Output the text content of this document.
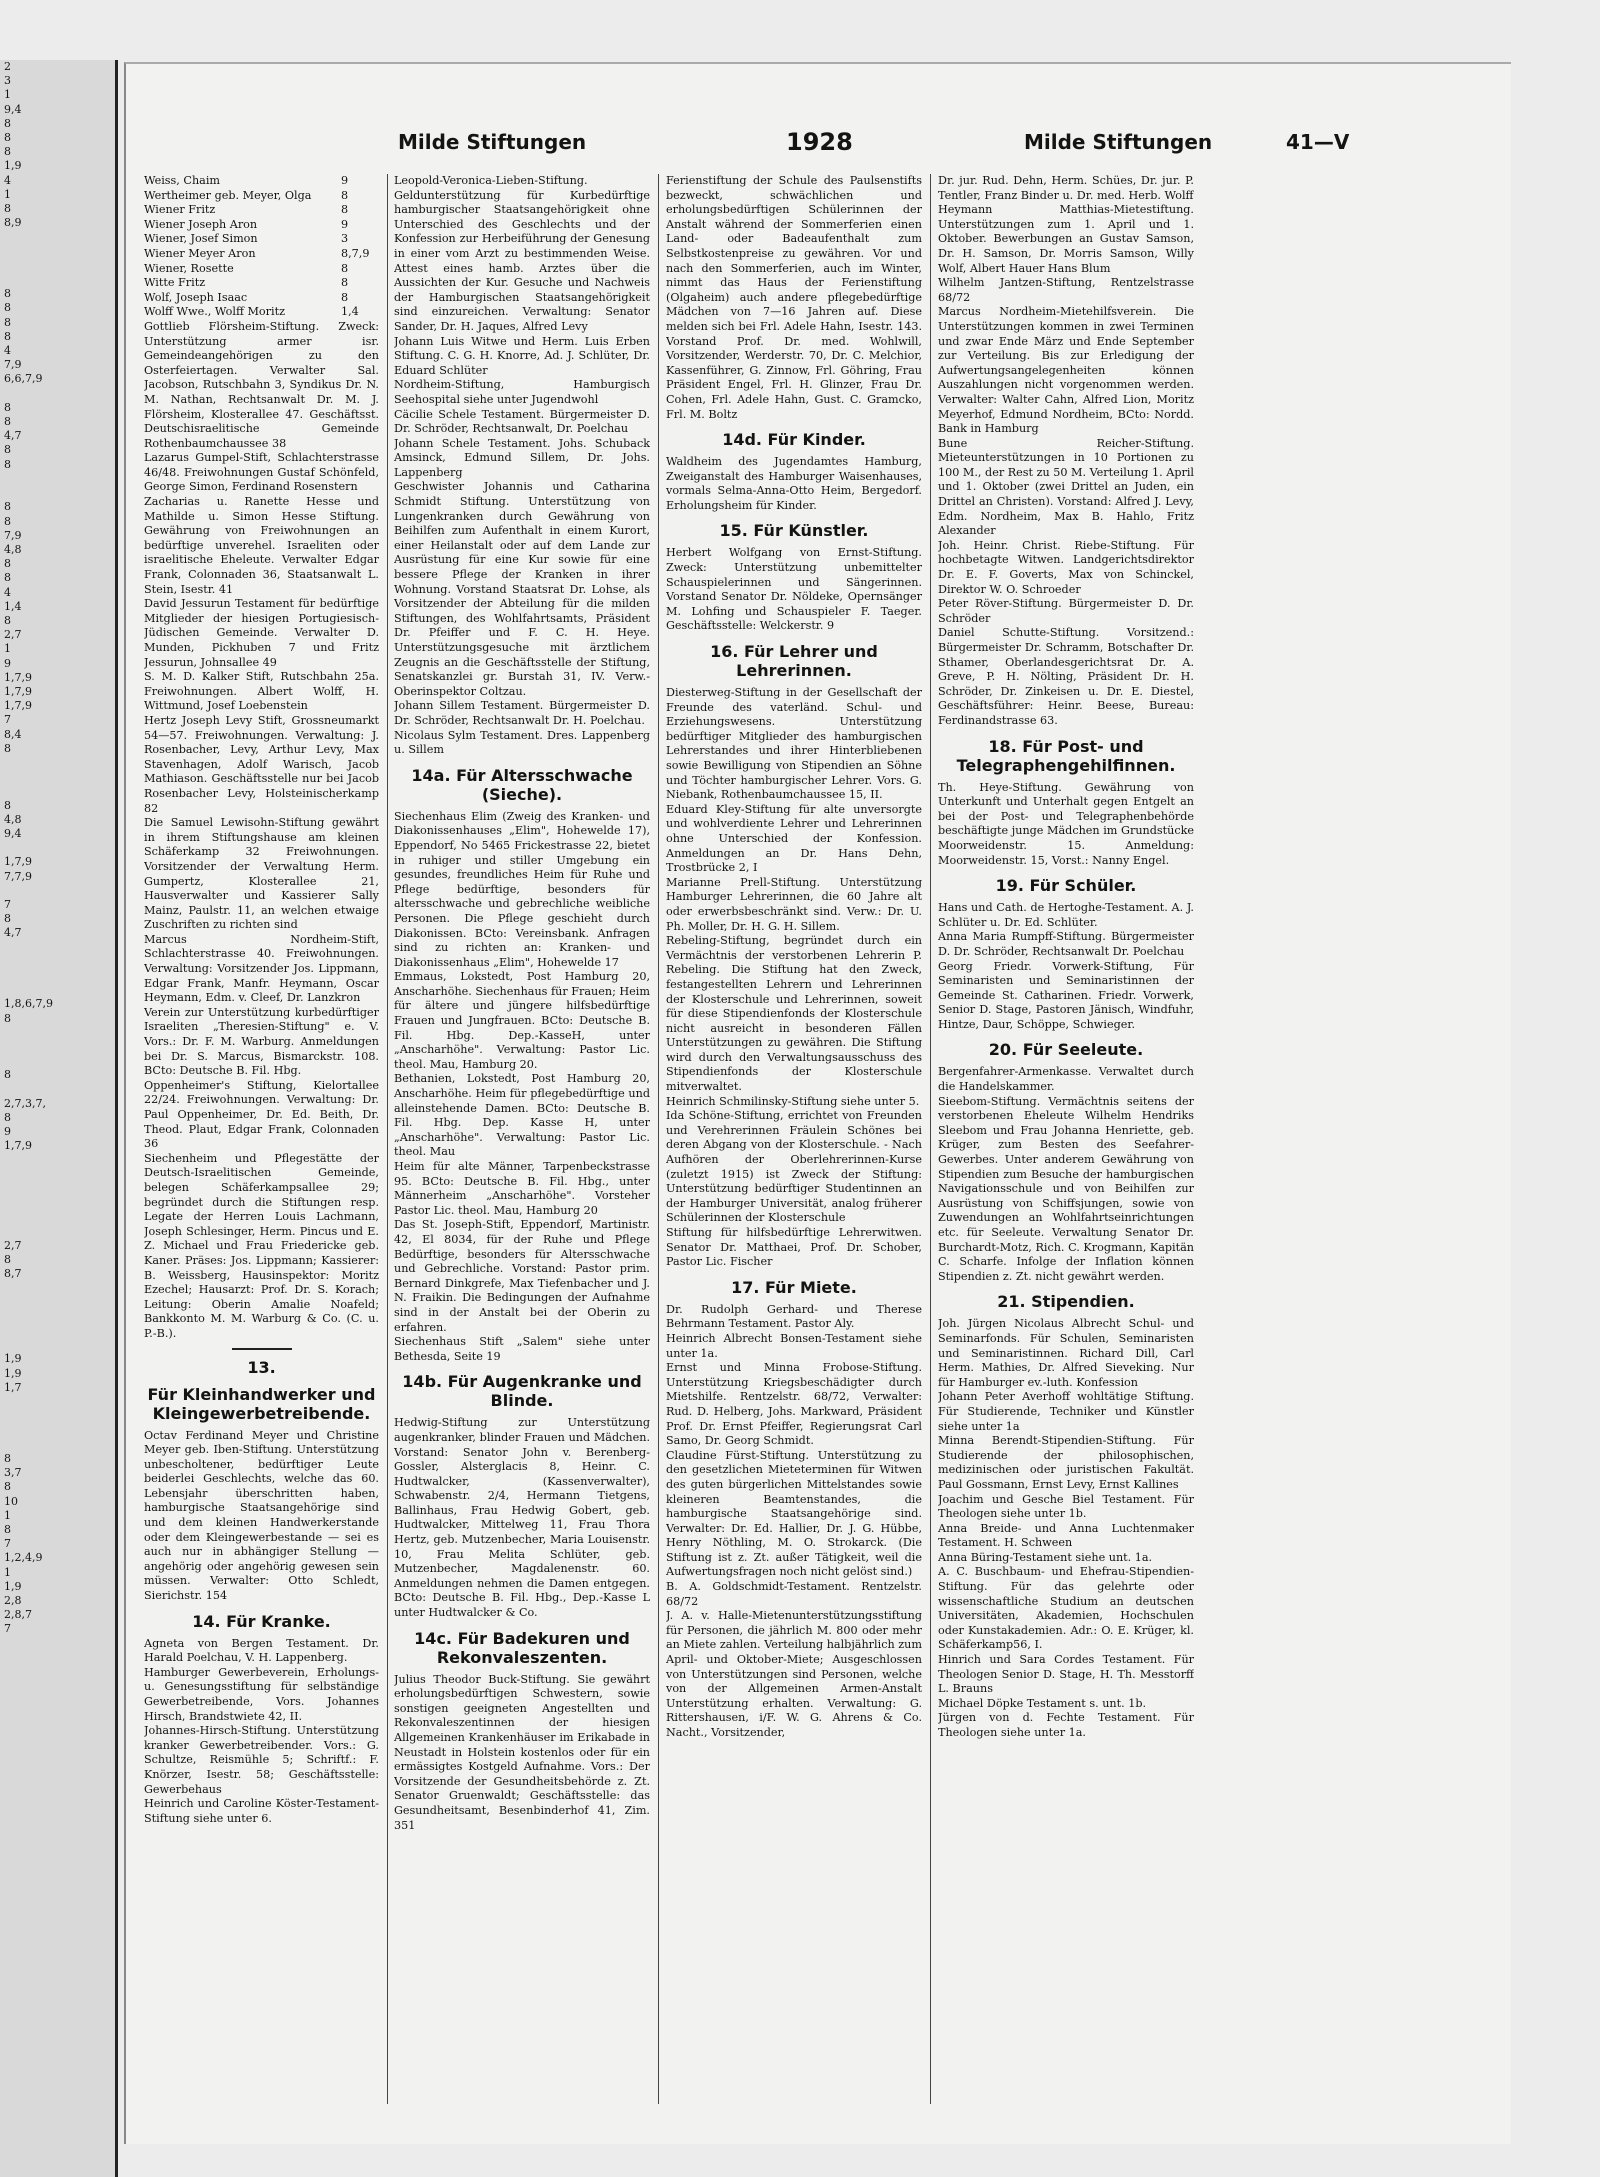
2
3
1
9,4
8
8
8
1,9
4
1
8
8,9

8
8
8
8
4
7,9
6,6,7,9

8
8
4,7
8
8

8
8
7,9
4,8
8
8
4
1,4
8
2,7
1
9
1,7,9
1,7,9
1,7,9
7
8,4
8

8
4,8
9,4

1,7,9
7,7,9

7
8
4,7

1,8,6,7,9
8

8

2,7,3,7,
8
9
1,7,9

2,7
8
8,7

1,9
1,9
1,7

8
3,7
8
10
1
8
7
1,2,4,9
1
1,9
2,8
2,8,7
7
Milde Stiftungen	1928	Milde Stiftungen	41—V
Weiss, Chaim	9
Wertheimer geb. Meyer, Olga	8
Wiener Fritz	8
Wiener Joseph Aron	9
Wiener, Josef Simon	3
Wiener Meyer Aron	8,7,9
Wiener, Rosette	8
Witte Fritz	8
Wolf, Joseph Isaac	8
Wolff Wwe., Wolff Moritz	1,4

Gottlieb Flörsheim-Stiftung. Zweck: Unterstützung armer isr. Gemeindeangehörigen zu den Osterfeiertagen. Verwalter Sal. Jacobson, Rutschbahn 3, Syndikus Dr. N. M. Nathan, Rechtsanwalt Dr. M. J. Flörsheim, Klosterallee 47. Geschäftsst. Deutschisraelitische Gemeinde Rothenbaumchaussee 38

Lazarus Gumpel-Stift, Schlachterstrasse 46/48. Freiwohnungen Gustaf Schönfeld, George Simon, Ferdinand Rosenstern

Zacharias u. Ranette Hesse und Mathilde u. Simon Hesse Stiftung. Gewährung von Freiwohnungen an bedürftige unverehel. Israeliten oder israelitische Eheleute. Verwalter Edgar Frank, Colonnaden 36, Staatsanwalt L. Stein, Isestr. 41

David Jessurun Testament für bedürftige Mitglieder der hiesigen Portugiesisch-Jüdischen Gemeinde. Verwalter D. Munden, Pickhuben 7 und Fritz Jessurun, Johnsallee 49

S. M. D. Kalker Stift, Rutschbahn 25a. Freiwohnungen. Albert Wolff, H. Wittmund, Josef Loebenstein

Hertz Joseph Levy Stift, Grossneumarkt 54—57. Freiwohnungen. Verwaltung: J. Rosenbacher, Levy, Arthur Levy, Max Stavenhagen, Adolf Warisch, Jacob Mathiason. Geschäftsstelle nur bei Jacob Rosenbacher Levy, Holsteinischerkamp 82

Die Samuel Lewisohn-Stiftung gewährt in ihrem Stiftungshause am kleinen Schäferkamp 32 Freiwohnungen. Vorsitzender der Verwaltung Herm. Gumpertz, Klosterallee 21, Hausverwalter und Kassierer Sally Mainz, Paulstr. 11, an welchen etwaige Zuschriften zu richten sind

Marcus Nordheim-Stift, Schlachterstrasse 40. Freiwohnungen. Verwaltung: Vorsitzender Jos. Lippmann, Edgar Frank, Manfr. Heymann, Oscar Heymann, Edm. v. Cleef, Dr. Lanzkron

Verein zur Unterstützung kurbedürftiger Israeliten „Theresien-Stiftung" e. V. Vors.: Dr. F. M. Warburg. Anmeldungen bei Dr. S. Marcus, Bismarckstr. 108. BCto: Deutsche B. Fil. Hbg.

Oppenheimer's Stiftung, Kielortallee 22/24. Freiwohnungen. Verwaltung: Dr. Paul Oppenheimer, Dr. Ed. Beith, Dr. Theod. Plaut, Edgar Frank, Colonnaden 36

Siechenheim und Pflegestätte der Deutsch-Israelitischen Gemeinde, belegen Schäferkampsallee 29; begründet durch die Stiftungen resp. Legate der Herren Louis Lachmann, Joseph Schlesinger, Herm. Pincus und E. Z. Michael und Frau Friedericke geb. Kaner. Präses: Jos. Lippmann; Kassierer: B. Weissberg, Hausinspektor: Moritz Ezechel; Hausarzt: Prof. Dr. S. Korach; Leitung: Oberin Amalie Noafeld; Bankkonto M. M. Warburg & Co. (C. u. P.-B.).

13.
Für Kleinhandwerker und Kleingewerbetreibende.

Octav Ferdinand Meyer und Christine Meyer geb. Iben-Stiftung. Unterstützung unbescholtener, bedürftiger Leute beiderlei Geschlechts, welche das 60. Lebensjahr überschritten haben, hamburgische Staatsangehörige sind und dem kleinen Handwerkerstande oder dem Kleingewerbestande — sei es auch nur in abhängiger Stellung — angehörig oder angehörig gewesen sein müssen. Verwalter: Otto Schledt, Sierichstr. 154

14. Für Kranke.

Agneta von Bergen Testament. Dr. Harald Poelchau, V. H. Lappenberg.

Hamburger Gewerbeverein, Erholungs- u. Genesungsstiftung für selbständige Gewerbetreibende, Vors. Johannes Hirsch, Brandstwiete 42, II.

Johannes-Hirsch-Stiftung. Unterstützung kranker Gewerbetreibender. Vors.: G. Schultze, Reismühle 5; Schriftf.: F. Knörzer, Isestr. 58; Geschäftsstelle: Gewerbehaus

Heinrich und Caroline Köster-Testament-Stiftung siehe unter 6.

Leopold-Veronica-Lieben-Stiftung. Geldunterstützung für Kurbedürftige hamburgischer Staatsangehörigkeit ohne Unterschied des Geschlechts und der Konfession zur Herbeiführung der Genesung in einer vom Arzt zu bestimmenden Weise. Attest eines hamb. Arztes über die Aussichten der Kur. Gesuche und Nachweis der Hamburgischen Staatsangehörigkeit sind einzureichen. Verwaltung: Senator Sander, Dr. H. Jaques, Alfred Levy

Johann Luis Witwe und Herm. Luis Erben Stiftung. C. G. H. Knorre, Ad. J. Schlüter, Dr. Eduard Schlüter

Nordheim-Stiftung, Hamburgisch Seehospital siehe unter Jugendwohl

Cäcilie Schele Testament. Bürgermeister D. Dr. Schröder, Rechtsanwalt, Dr. Poelchau

Johann Schele Testament. Johs. Schuback Amsinck, Edmund Sillem, Dr. Johs. Lappenberg

Geschwister Johannis und Catharina Schmidt Stiftung. Unterstützung von Lungenkranken durch Gewährung von Beihilfen zum Aufenthalt in einem Kurort, einer Heilanstalt oder auf dem Lande zur Ausrüstung für eine Kur sowie für eine bessere Pflege der Kranken in ihrer Wohnung. Vorstand Staatsrat Dr. Lohse, als Vorsitzender der Abteilung für die milden Stiftungen, des Wohlfahrtsamts, Präsident Dr. Pfeiffer und F. C. H. Heye. Unterstützungsgesuche mit ärztlichem Zeugnis an die Geschäftsstelle der Stiftung, Senatskanzlei gr. Burstah 31, IV. Verw.-Oberinspektor Coltzau.

Johann Sillem Testament. Bürgermeister D. Dr. Schröder, Rechtsanwalt Dr. H. Poelchau.

Nicolaus Sylm Testament. Dres. Lappenberg u. Sillem

14a. Für Altersschwache (Sieche).

Siechenhaus Elim (Zweig des Kranken- und Diakonissenhauses „Elim", Hohewelde 17), Eppendorf, No 5465 Frickestrasse 22, bietet in ruhiger und stiller Umgebung ein gesundes, freundliches Heim für Ruhe und Pflege bedürftige, besonders für altersschwache und gebrechliche weibliche Personen. Die Pflege geschieht durch Diakonissen. BCto: Vereinsbank. Anfragen sind zu richten an: Kranken- und Diakonissenhaus „Elim", Hohewelde 17

Emmaus, Lokstedt, Post Hamburg 20, Anscharhöhe. Siechenhaus für Frauen; Heim für ältere und jüngere hilfsbedürftige Frauen und Jungfrauen. BCto: Deutsche B. Fil. Hbg. Dep.-KasseH, unter „Anscharhöhe". Verwaltung: Pastor Lic. theol. Mau, Hamburg 20.

Bethanien, Lokstedt, Post Hamburg 20, Anscharhöhe. Heim für pflegebedürftige und alleinstehende Damen. BCto: Deutsche B. Fil. Hbg. Dep. Kasse H, unter „Anscharhöhe". Verwaltung: Pastor Lic. theol. Mau

Heim für alte Männer, Tarpenbeckstrasse 95. BCto: Deutsche B. Fil. Hbg., unter Männerheim „Anscharhöhe". Vorsteher Pastor Lic. theol. Mau, Hamburg 20

Das St. Joseph-Stift, Eppendorf, Martinistr. 42, El 8034, für der Ruhe und Pflege Bedürftige, besonders für Altersschwache und Gebrechliche. Vorstand: Pastor prim. Bernard Dinkgrefe, Max Tiefenbacher und J. N. Fraikin. Die Bedingungen der Aufnahme sind in der Anstalt bei der Oberin zu erfahren.

Siechenhaus Stift „Salem" siehe unter Bethesda, Seite 19

14b. Für Augenkranke und Blinde.

Hedwig-Stiftung zur Unterstützung augenkranker, blinder Frauen und Mädchen. Vorstand: Senator John v. Berenberg-Gossler, Alsterglacis 8, Heinr. C. Hudtwalcker, (Kassenverwalter), Schwabenstr. 2/4, Hermann Tietgens, Ballinhaus, Frau Hedwig Gobert, geb. Hudtwalcker, Mittelweg 11, Frau Thora Hertz, geb. Mutzenbecher, Maria Louisenstr. 10, Frau Melita Schlüter, geb. Mutzenbecher, Magdalenenstr. 60. Anmeldungen nehmen die Damen entgegen. BCto: Deutsche B. Fil. Hbg., Dep.-Kasse L unter Hudtwalcker & Co.

14c. Für Badekuren und Rekonvaleszenten.

Julius Theodor Buck-Stiftung. Sie gewährt erholungsbedürftigen Schwestern, sowie sonstigen geeigneten Angestellten und Rekonvaleszentinnen der hiesigen Allgemeinen Krankenhäuser im Erikabade in Neustadt in Holstein kostenlos oder für ein ermässigtes Kostgeld Aufnahme. Vors.: Der Vorsitzende der Gesundheitsbehörde z. Zt. Senator Gruenwaldt; Geschäftsstelle: das Gesundheitsamt, Besenbinderhof 41, Zim. 351

Ferienstiftung der Schule des Paulsenstifts bezweckt, schwächlichen und erholungsbedürftigen Schülerinnen der Anstalt während der Sommerferien einen Land- oder Badeaufenthalt zum Selbstkostenpreise zu gewähren. Vor und nach den Sommerferien, auch im Winter, nimmt das Haus der Ferienstiftung (Olgaheim) auch andere pflegebedürftige Mädchen von 7—16 Jahren auf. Diese melden sich bei Frl. Adele Hahn, Isestr. 143. Vorstand Prof. Dr. med. Wohlwill, Vorsitzender, Werderstr. 70, Dr. C. Melchior, Kassenführer, G. Zinnow, Frl. Göhring, Frau Präsident Engel, Frl. H. Glinzer, Frau Dr. Cohen, Frl. Adele Hahn, Gust. C. Gramcko, Frl. M. Boltz

14d. Für Kinder.

Waldheim des Jugendamtes Hamburg, Zweiganstalt des Hamburger Waisenhauses, vormals Selma-Anna-Otto Heim, Bergedorf. Erholungsheim für Kinder.

15. Für Künstler.

Herbert Wolfgang von Ernst-Stiftung. Zweck: Unterstützung unbemittelter Schauspielerinnen und Sängerinnen. Vorstand Senator Dr. Nöldeke, Opernsänger M. Lohfing und Schauspieler F. Taeger. Geschäftsstelle: Welckerstr. 9

16. Für Lehrer und Lehrerinnen.

Diesterweg-Stiftung in der Gesellschaft der Freunde des vaterländ. Schul- und Erziehungswesens. Unterstützung bedürftiger Mitglieder des hamburgischen Lehrerstandes und ihrer Hinterbliebenen sowie Bewilligung von Stipendien an Söhne und Töchter hamburgischer Lehrer. Vors. G. Niebank, Rothenbaumchaussee 15, II.

Eduard Kley-Stiftung für alte unversorgte und wohlverdiente Lehrer und Lehrerinnen ohne Unterschied der Konfession. Anmeldungen an Dr. Hans Dehn, Trostbrücke 2, I

Marianne Prell-Stiftung. Unterstützung Hamburger Lehrerinnen, die 60 Jahre alt oder erwerbsbeschränkt sind. Verw.: Dr. U. Ph. Moller, Dr. H. G. H. Sillem.

Rebeling-Stiftung, begründet durch ein Vermächtnis der verstorbenen Lehrerin P. Rebeling. Die Stiftung hat den Zweck, festangestellten Lehrern und Lehrerinnen der Klosterschule und Lehrerinnen, soweit für diese Stipendienfonds der Klosterschule nicht ausreicht in besonderen Fällen Unterstützungen zu gewähren. Die Stiftung wird durch den Verwaltungsausschuss des Stipendienfonds der Klosterschule mitverwaltet.

Heinrich Schmilinsky-Stiftung siehe unter 5.

Ida Schöne-Stiftung, errichtet von Freunden und Verehrerinnen Fräulein Schönes bei deren Abgang von der Klosterschule. - Nach Aufhören der Oberlehrerinnen-Kurse (zuletzt 1915) ist Zweck der Stiftung: Unterstützung bedürftiger Studentinnen an der Hamburger Universität, analog früherer Schülerinnen der Klosterschule

Stiftung für hilfsbedürftige Lehrerwitwen. Senator Dr. Matthaei, Prof. Dr. Schober, Pastor Lic. Fischer

17. Für Miete.

Dr. Rudolph Gerhard- und Therese Behrmann Testament. Pastor Aly.

Heinrich Albrecht Bonsen-Testament siehe unter 1a.

Ernst und Minna Frobose-Stiftung. Unterstützung Kriegsbeschädigter durch Mietshilfe. Rentzelstr. 68/72, Verwalter: Rud. D. Helberg, Johs. Markward, Präsident Prof. Dr. Ernst Pfeiffer, Regierungsrat Carl Samo, Dr. Georg Schmidt.

Claudine Fürst-Stiftung. Unterstützung zu den gesetzlichen Mieteterminen für Witwen des guten bürgerlichen Mittelstandes sowie kleineren Beamtenstandes, die hamburgische Staatsangehörige sind. Verwalter: Dr. Ed. Hallier, Dr. J. G. Hübbe, Henry Nöthling, M. O. Strokarck. (Die Stiftung ist z. Zt. außer Tätigkeit, weil die Aufwertungsfragen noch nicht gelöst sind.)

B. A. Goldschmidt-Testament. Rentzelstr. 68/72

J. A. v. Halle-Mietenunterstützungsstiftung für Personen, die jährlich M. 800 oder mehr an Miete zahlen. Verteilung halbjährlich zum April- und Oktober-Miete; Ausgeschlossen von Unterstützungen sind Personen, welche von der Allgemeinen Armen-Anstalt Unterstützung erhalten. Verwaltung: G. Rittershausen, i/F. W. G. Ahrens & Co. Nacht., Vorsitzender,

Dr. jur. Rud. Dehn, Herm. Schües, Dr. jur. P. Tentler, Franz Binder u. Dr. med. Herb. Wolff

Heymann Matthias-Mietestiftung. Unterstützungen zum 1. April und 1. Oktober. Bewerbungen an Gustav Samson, Dr. H. Samson, Dr. Morris Samson, Willy Wolf, Albert Hauer Hans Blum

Wilhelm Jantzen-Stiftung, Rentzelstrasse 68/72

Marcus Nordheim-Mietehilfsverein. Die Unterstützungen kommen in zwei Terminen und zwar Ende März und Ende September zur Verteilung. Bis zur Erledigung der Aufwertungsangelegenheiten können Auszahlungen nicht vorgenommen werden. Verwalter: Walter Cahn, Alfred Lion, Moritz Meyerhof, Edmund Nordheim, BCto: Nordd. Bank in Hamburg

Bune Reicher-Stiftung. Mieteunterstützungen in 10 Portionen zu 100 M., der Rest zu 50 M. Verteilung 1. April und 1. Oktober (zwei Drittel an Juden, ein Drittel an Christen). Vorstand: Alfred J. Levy, Edm. Nordheim, Max B. Hahlo, Fritz Alexander

Joh. Heinr. Christ. Riebe-Stiftung. Für hochbetagte Witwen. Landgerichtsdirektor Dr. E. F. Goverts, Max von Schinckel, Direktor W. O. Schroeder

Peter Röver-Stiftung. Bürgermeister D. Dr. Schröder

Daniel Schutte-Stiftung. Vorsitzend.: Bürgermeister Dr. Schramm, Botschafter Dr. Sthamer, Oberlandesgerichtsrat Dr. A. Greve, P. H. Nölting, Präsident Dr. H. Schröder, Dr. Zinkeisen u. Dr. E. Diestel, Geschäftsführer: Heinr. Beese, Bureau: Ferdinandstrasse 63.

18. Für Post- und Telegraphengehilfinnen.

Th. Heye-Stiftung. Gewährung von Unterkunft und Unterhalt gegen Entgelt an bei der Post- und Telegraphenbehörde beschäftigte junge Mädchen im Grundstücke Moorweidenstr. 15. Anmeldung: Moorweidenstr. 15, Vorst.: Nanny Engel.

19. Für Schüler.

Hans und Cath. de Hertoghe-Testament. A. J. Schlüter u. Dr. Ed. Schlüter.

Anna Maria Rumpff-Stiftung. Bürgermeister D. Dr. Schröder, Rechtsanwalt Dr. Poelchau

Georg Friedr. Vorwerk-Stiftung, Für Seminaristen und Seminaristinnen der Gemeinde St. Catharinen. Friedr. Vorwerk, Senior D. Stage, Pastoren Jänisch, Windfuhr, Hintze, Daur, Schöppe, Schwieger.

20. Für Seeleute.

Bergenfahrer-Armenkasse. Verwaltet durch die Handelskammer.

Sieebom-Stiftung. Vermächtnis seitens der verstorbenen Eheleute Wilhelm Hendriks Sleebom und Frau Johanna Henriette, geb. Krüger, zum Besten des Seefahrer-Gewerbes. Unter anderem Gewährung von Stipendien zum Besuche der hamburgischen Navigationsschule und von Beihilfen zur Ausrüstung von Schiffsjungen, sowie von Zuwendungen an Wohlfahrtseinrichtungen etc. für Seeleute. Verwaltung Senator Dr. Burchardt-Motz, Rich. C. Krogmann, Kapitän C. Scharfe. Infolge der Inflation können Stipendien z. Zt. nicht gewährt werden.

21. Stipendien.

Joh. Jürgen Nicolaus Albrecht Schul- und Seminarfonds. Für Schulen, Seminaristen und Seminaristinnen. Richard Dill, Carl Herm. Mathies, Dr. Alfred Sieveking. Nur für Hamburger ev.-luth. Konfession

Johann Peter Averhoff wohltätige Stiftung. Für Studierende, Techniker und Künstler siehe unter 1a

Minna Berendt-Stipendien-Stiftung. Für Studierende der philosophischen, medizinischen oder juristischen Fakultät. Paul Gossmann, Ernst Levy, Ernst Kallines

Joachim und Gesche Biel Testament. Für Theologen siehe unter 1b.

Anna Breide- und Anna Luchtenmaker Testament. H. Schween

Anna Büring-Testament siehe unt. 1a.

A. C. Buschbaum- und Ehefrau-Stipendien-Stiftung. Für das gelehrte oder wissenschaftliche Studium an deutschen Universitäten, Akademien, Hochschulen oder Kunstakademien. Adr.: O. E. Krüger, kl. Schäferkamp56, I.

Hinrich und Sara Cordes Testament. Für Theologen Senior D. Stage, H. Th. Messtorff L. Brauns

Michael Döpke Testament s. unt. 1b.

Jürgen von d. Fechte Testament. Für Theologen siehe unter 1a.
